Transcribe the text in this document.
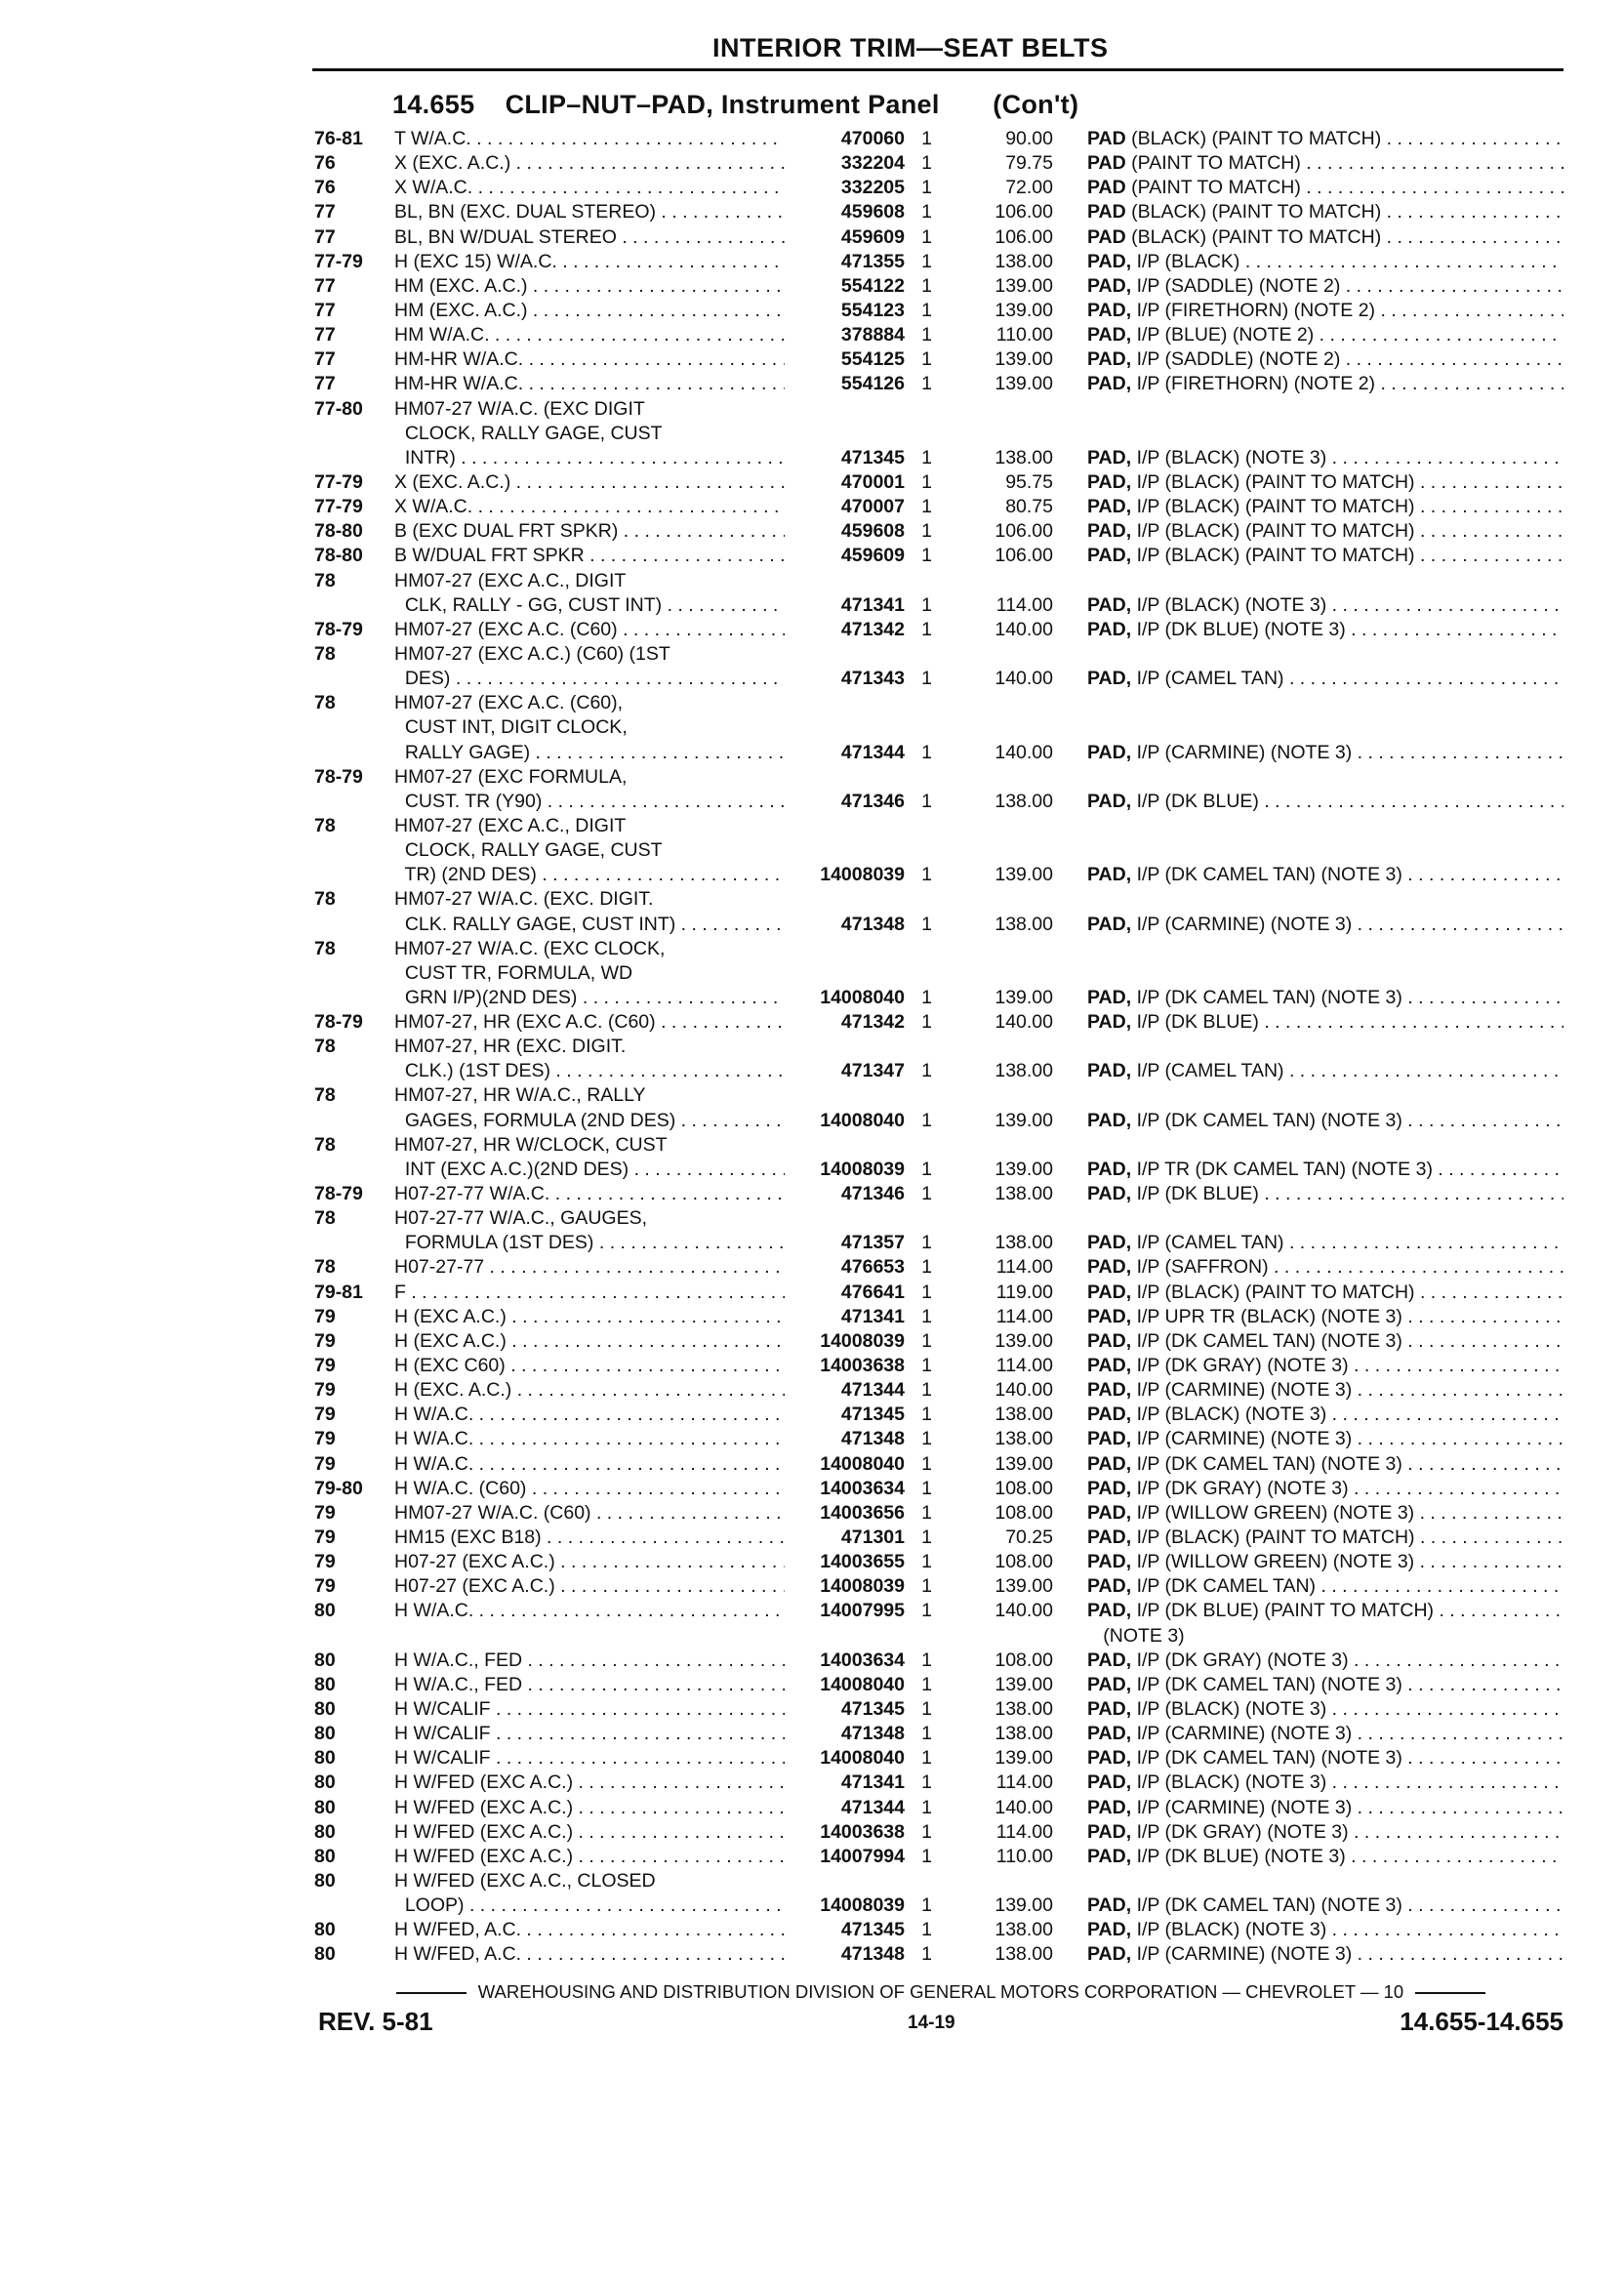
INTERIOR TRIM—SEAT BELTS
14.655    CLIP–NUT–PAD, Instrument Panel       (Con't)
76-81	T W/A.C. . . .	470060 1	90.00 PAD (BLACK) (PAINT TO MATCH) . . .
76	X (EXC. A.C.) . . .	332204 1	79.75 PAD (PAINT TO MATCH) . . .
76	X W/A.C. . . .	332205 1	72.00 PAD (PAINT TO MATCH) . . .
77	BL, BN (EXC. DUAL STEREO) . . .	459608 1	106.00 PAD (BLACK) (PAINT TO MATCH) . . .
77	BL, BN W/DUAL STEREO . . .	459609 1	106.00 PAD (BLACK) (PAINT TO MATCH) . . .
77-79	H (EXC 15) W/A.C. . . .	471355 1	138.00 PAD, I/P (BLACK) . . .
77	HM (EXC. A.C.) . . .	554122 1	139.00 PAD, I/P (SADDLE) (NOTE 2) . . .
77	HM (EXC. A.C.) . . .	554123 1	139.00 PAD, I/P (FIRETHORN) (NOTE 2) . . .
77	HM W/A.C. . . .	378884 1	110.00 PAD, I/P (BLUE) (NOTE 2) . . .
77	HM-HR W/A.C. . . .	554125 1	139.00 PAD, I/P (SADDLE) (NOTE 2) . . .
77	HM-HR W/A.C. . . .	554126 1	139.00 PAD, I/P (FIRETHORN) (NOTE 2) . . .
77-80	HM07-27 W/A.C. (EXC DIGIT
CLOCK, RALLY GAGE, CUST
INTR) . . .	471345 1	138.00 PAD, I/P (BLACK) (NOTE 3) . . .
77-79	X (EXC. A.C.) . . .	470001 1	95.75 PAD, I/P (BLACK) (PAINT TO MATCH) . . .
77-79	X W/A.C. . . .	470007 1	80.75 PAD, I/P (BLACK) (PAINT TO MATCH) . . .
78-80	B (EXC DUAL FRT SPKR) . . .	459608 1	106.00 PAD, I/P (BLACK) (PAINT TO MATCH) . . .
78-80	B W/DUAL FRT SPKR . . .	459609 1	106.00 PAD, I/P (BLACK) (PAINT TO MATCH) . . .
78	HM07-27 (EXC A.C., DIGIT
CLK, RALLY - GG, CUST INT) . . .	471341 1	114.00 PAD, I/P (BLACK) (NOTE 3) . . .
78-79	HM07-27 (EXC A.C. (C60) . . .	471342 1	140.00 PAD, I/P (DK BLUE) (NOTE 3) . . .
78	HM07-27 (EXC A.C.) (C60) (1ST
DES) . . .	471343 1	140.00 PAD, I/P (CAMEL TAN) . . .
78	HM07-27 (EXC A.C. (C60),
CUST INT, DIGIT CLOCK,
RALLY GAGE) . . .	471344 1	140.00 PAD, I/P (CARMINE) (NOTE 3) . . .
78-79	HM07-27 (EXC FORMULA,
CUST. TR (Y90) . . .	471346 1	138.00 PAD, I/P (DK BLUE) . . .
78	HM07-27 (EXC A.C., DIGIT
CLOCK, RALLY GAGE, CUST
TR) (2ND DES) . . .	14008039 1	139.00 PAD, I/P (DK CAMEL TAN) (NOTE 3) . . .
78	HM07-27 W/A.C. (EXC. DIGIT.
CLK. RALLY GAGE, CUST INT) . . .	471348 1	138.00 PAD, I/P (CARMINE) (NOTE 3) . . .
78	HM07-27 W/A.C. (EXC CLOCK,
CUST TR, FORMULA, WD
GRN I/P)(2ND DES) . . .	14008040 1	139.00 PAD, I/P (DK CAMEL TAN) (NOTE 3) . . .
78-79	HM07-27, HR (EXC A.C. (C60) . . .	471342 1	140.00 PAD, I/P (DK BLUE) . . .
78	HM07-27, HR (EXC. DIGIT.
CLK.) (1ST DES) . . .	471347 1	138.00 PAD, I/P (CAMEL TAN) . . .
78	HM07-27, HR W/A.C., RALLY
GAGES, FORMULA (2ND DES) . . .	14008040 1	139.00 PAD, I/P (DK CAMEL TAN) (NOTE 3) . . .
78	HM07-27, HR W/CLOCK, CUST
INT (EXC A.C.)(2ND DES) . . .	14008039 1	139.00 PAD, I/P TR (DK CAMEL TAN) (NOTE 3) . . .
78-79	H07-27-77 W/A.C. . . .	471346 1	138.00 PAD, I/P (DK BLUE) . . .
78	H07-27-77 W/A.C., GAUGES,
FORMULA (1ST DES) . . .	471357 1	138.00 PAD, I/P (CAMEL TAN) . . .
78	H07-27-77 . . .	476653 1	114.00 PAD, I/P (SAFFRON) . . .
79-81	F . . .	476641 1	119.00 PAD, I/P (BLACK) (PAINT TO MATCH) . . .
79	H (EXC A.C.) . . .	471341 1	114.00 PAD, I/P UPR TR (BLACK) (NOTE 3) . . .
79	H (EXC A.C.) . . .	14008039 1	139.00 PAD, I/P (DK CAMEL TAN) (NOTE 3) . . .
79	H (EXC C60) . . .	14003638 1	114.00 PAD, I/P (DK GRAY) (NOTE 3) . . .
79	H (EXC. A.C.) . . .	471344 1	140.00 PAD, I/P (CARMINE) (NOTE 3) . . .
79	H W/A.C. . . .	471345 1	138.00 PAD, I/P (BLACK) (NOTE 3) . . .
79	H W/A.C. . . .	471348 1	138.00 PAD, I/P (CARMINE) (NOTE 3) . . .
79	H W/A.C. . . .	14008040 1	139.00 PAD, I/P (DK CAMEL TAN) (NOTE 3) . . .
79-80	H W/A.C. (C60) . . .	14003634 1	108.00 PAD, I/P (DK GRAY) (NOTE 3) . . .
79	HM07-27 W/A.C. (C60) . . .	14003656 1	108.00 PAD, I/P (WILLOW GREEN) (NOTE 3) . . .
79	HM15 (EXC B18) . . .	471301 1	70.25 PAD, I/P (BLACK) (PAINT TO MATCH) . . .
79	H07-27 (EXC A.C.) . . .	14003655 1	108.00 PAD, I/P (WILLOW GREEN) (NOTE 3) . . .
79	H07-27 (EXC A.C.) . . .	14008039 1	139.00 PAD, I/P (DK CAMEL TAN) . . .
80	H W/A.C. . . .	14007995 1	140.00 PAD, I/P (DK BLUE) (PAINT TO MATCH) . . .
(NOTE 3)
80	H W/A.C., FED . . .	14003634 1	108.00 PAD, I/P (DK GRAY) (NOTE 3) . . .
80	H W/A.C., FED . . .	14008040 1	139.00 PAD, I/P (DK CAMEL TAN) (NOTE 3) . . .
80	H W/CALIF . . .	471345 1	138.00 PAD, I/P (BLACK) (NOTE 3) . . .
80	H W/CALIF . . .	471348 1	138.00 PAD, I/P (CARMINE) (NOTE 3) . . .
80	H W/CALIF . . .	14008040 1	139.00 PAD, I/P (DK CAMEL TAN) (NOTE 3) . . .
80	H W/FED (EXC A.C.) . . .	471341 1	114.00 PAD, I/P (BLACK) (NOTE 3) . . .
80	H W/FED (EXC A.C.) . . .	471344 1	140.00 PAD, I/P (CARMINE) (NOTE 3) . . .
80	H W/FED (EXC A.C.) . . .	14003638 1	114.00 PAD, I/P (DK GRAY) (NOTE 3) . . .
80	H W/FED (EXC A.C.) . . .	14007994 1	110.00 PAD, I/P (DK BLUE) (NOTE 3) . . .
80	H W/FED (EXC A.C., CLOSED
LOOP) . . .	14008039 1	139.00 PAD, I/P (DK CAMEL TAN) (NOTE 3) . . .
80	H W/FED, A.C. . . .	471345 1	138.00 PAD, I/P (BLACK) (NOTE 3) . . .
80	H W/FED, A.C. . . .	471348 1	138.00 PAD, I/P (CARMINE) (NOTE 3) . . .
WAREHOUSING AND DISTRIBUTION DIVISION OF GENERAL MOTORS CORPORATION — CHEVROLET — 10
REV. 5-81	14-19	14.655-14.655
